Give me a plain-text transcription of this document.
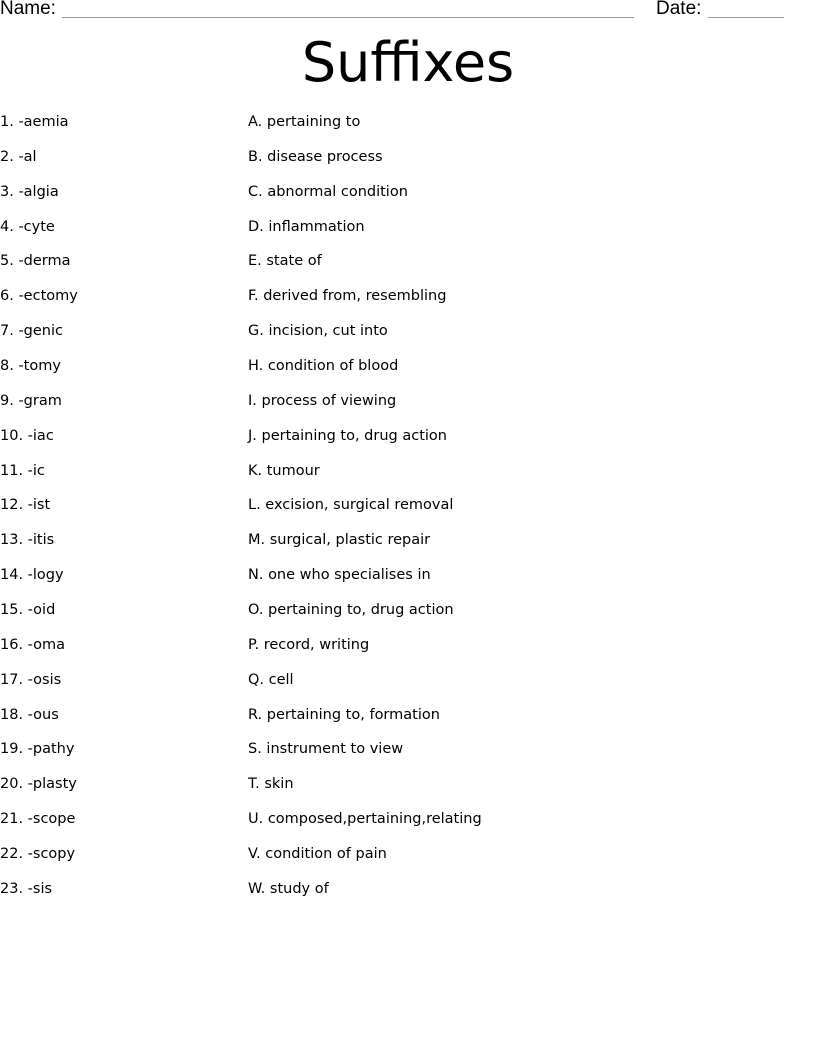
Name:	Date:
Suffixes
1. -aemia
2. -al
3. -algia
4. -cyte
5. -derma
6. -ectomy
7. -genic
8. -tomy
9. -gram
10. -iac
11. -ic
12. -ist
13. -itis
14. -logy
15. -oid
16. -oma
17. -osis
18. -ous
19. -pathy
20. -plasty
21. -scope
22. -scopy
23. -sis
A. pertaining to
B. disease process
C. abnormal condition
D. inflammation
E. state of
F. derived from, resembling
G. incision, cut into
H. condition of blood
I. process of viewing
J. pertaining to, drug action
K. tumour
L. excision, surgical removal
M. surgical, plastic repair
N. one who specialises in
O. pertaining to, drug action
P. record, writing
Q. cell
R. pertaining to, formation
S. instrument to view
T. skin
U. composed,pertaining,relating
V. condition of pain
W. study of
